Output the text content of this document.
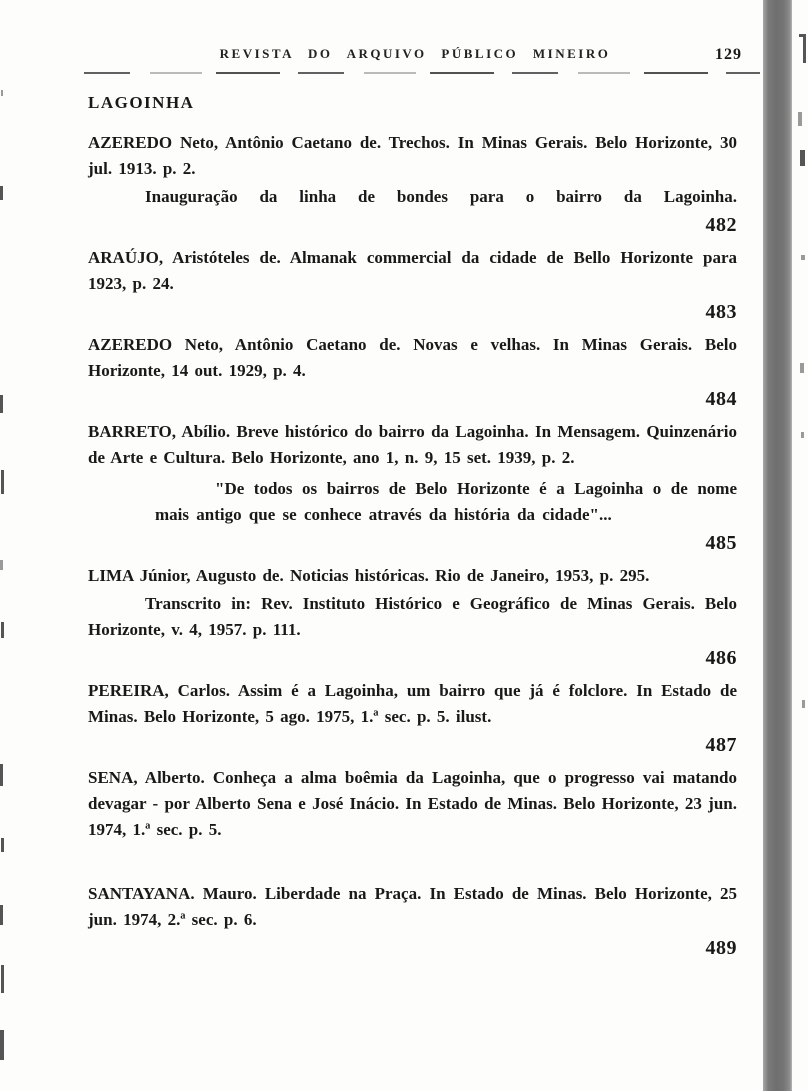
REVISTA DO ARQUIVO PÚBLICO MINEIRO	129
LAGOINHA

AZEREDO Neto, Antônio Caetano de. Trechos. In Minas Gerais. Belo Horizonte, 30 jul. 1913. p. 2.

Inauguração da linha de bondes para o bairro da Lagoinha.

482

ARAÚJO, Aristóteles de. Almanak commercial da cidade de Bello Horizonte para 1923, p. 24.

483

AZEREDO Neto, Antônio Caetano de. Novas e velhas. In Minas Gerais. Belo Horizonte, 14 out. 1929, p. 4.

484

BARRETO, Abílio. Breve histórico do bairro da Lagoinha. In Mensagem. Quinzenário de Arte e Cultura. Belo Horizonte, ano 1, n. 9, 15 set. 1939, p. 2.

"De todos os bairros de Belo Horizonte é a Lagoinha o de nome mais antigo que se conhece através da história da cidade"...

485

LIMA Júnior, Augusto de. Noticias históricas. Rio de Janeiro, 1953, p. 295.

Transcrito in: Rev. Instituto Histórico e Geográfico de Minas Gerais. Belo Horizonte, v. 4, 1957. p. 111.

486

PEREIRA, Carlos. Assim é a Lagoinha, um bairro que já é folclore. In Estado de Minas. Belo Horizonte, 5 ago. 1975, 1.ª sec. p. 5. ilust.

487

SENA, Alberto. Conheça a alma boêmia da Lagoinha, que o progresso vai matando devagar - por Alberto Sena e José Inácio. In Estado de Minas. Belo Horizonte, 23 jun. 1974, 1.ª sec. p. 5.

SANTAYANA. Mauro. Liberdade na Praça. In Estado de Minas. Belo Horizonte, 25 jun. 1974, 2.ª sec. p. 6.

489
